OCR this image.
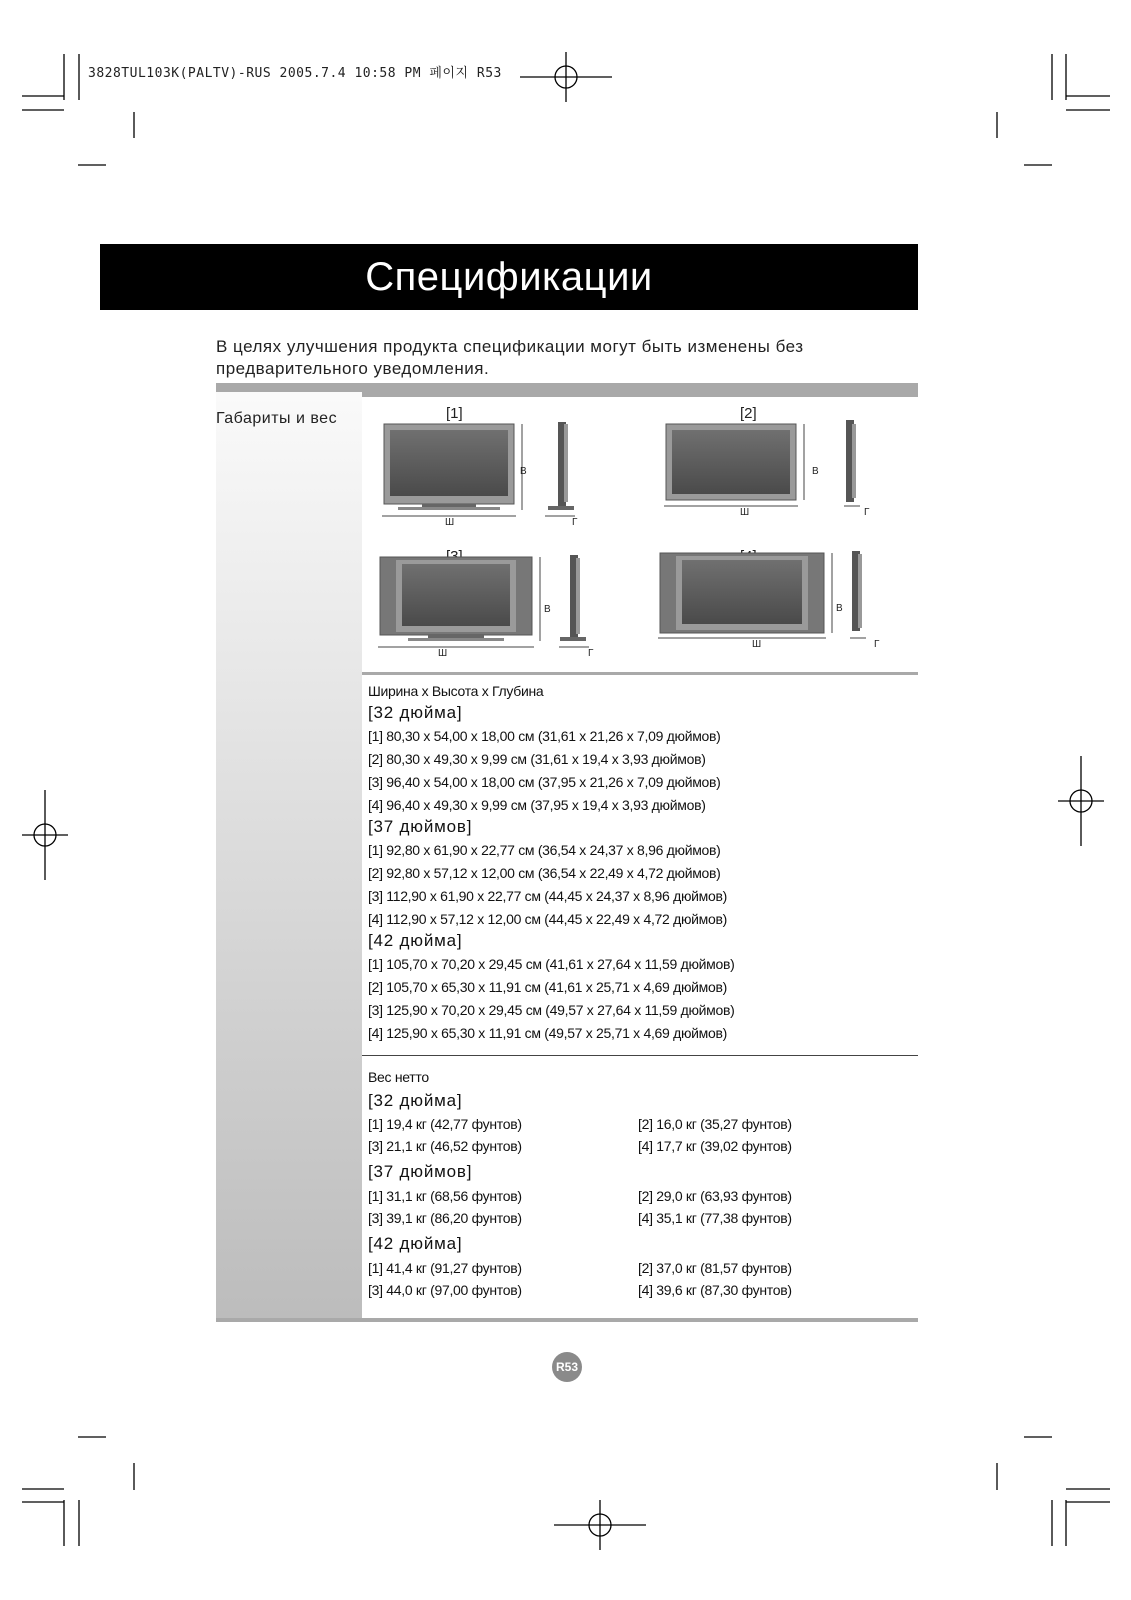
3828TUL103K(PALTV)-RUS 2005.7.4 10:58 PM 페이지 R53
Спецификации
В целях улучшения продукта спецификации могут быть изменены без предварительного уведомления.
Габариты и вес	[1]	[2]
Ш
В
Г
Ш
В
Г
Ш
В
Г
Ш
В
Г
Ширина x Высота x Глубина
[32 дюйма]
[1] 80,30 x 54,00 x 18,00 см (31,61 x 21,26 x 7,09 дюймов)
[2] 80,30 x 49,30 x 9,99 см (31,61 x 19,4 x 3,93 дюймов)
[3] 96,40 x 54,00 x 18,00 см (37,95 x 21,26 x 7,09 дюймов)
[4] 96,40 x 49,30 x 9,99 см (37,95 x 19,4 x 3,93 дюймов)
[37 дюймов]
[1] 92,80 x 61,90 x 22,77 см (36,54 x 24,37 x 8,96 дюймов)
[2] 92,80 x 57,12 x 12,00 см (36,54 x 22,49 x 4,72 дюймов)
[3] 112,90 x 61,90 x 22,77 см (44,45 x 24,37 x 8,96 дюймов)
[4] 112,90 x 57,12 x 12,00 см (44,45 x 22,49 x 4,72 дюймов)
[42 дюйма]
[1] 105,70 x 70,20 x 29,45 см (41,61 x 27,64 x 11,59 дюймов)
[2] 105,70 x 65,30 x 11,91 см (41,61 x 25,71 x 4,69 дюймов)
[3] 125,90 x 70,20 x 29,45 см (49,57 x 27,64 x 11,59 дюймов)
[4] 125,90 x 65,30 x 11,91 см (49,57 x 25,71 x 4,69 дюймов)
Вес нетто
[32 дюйма]
[1] 19,4 кг (42,77 фунтов)	[2] 16,0 кг (35,27 фунтов)
[3] 21,1 кг (46,52 фунтов)	[4] 17,7 кг (39,02 фунтов)
[37 дюймов]
[1] 31,1 кг (68,56 фунтов)	[2] 29,0 кг (63,93 фунтов)
[3] 39,1 кг (86,20 фунтов)	[4] 35,1 кг (77,38 фунтов)
[42 дюйма]
[1] 41,4 кг (91,27 фунтов)	[2] 37,0 кг (81,57 фунтов)
[3] 44,0 кг (97,00 фунтов)	[4] 39,6 кг (87,30 фунтов)
R53
